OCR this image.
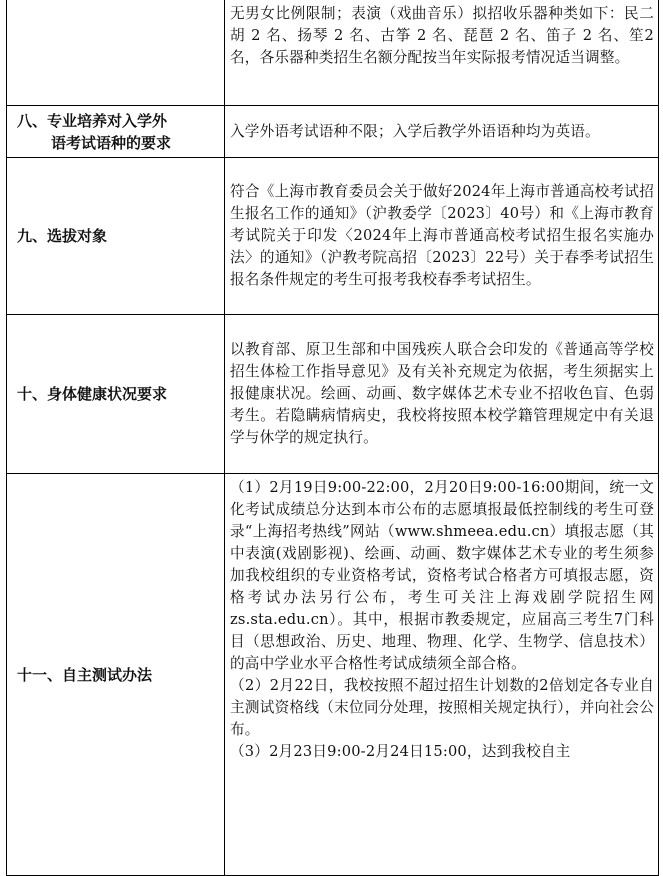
	无男女比例限制；表演（戏曲音乐）拟招收乐器种类如下：民二胡 2 名、扬琴 2 名、古筝 2 名、琵琶 2 名、笛子 2 名、笙2名，各乐器种类招生名额分配按当年实际报考情况适当调整。

八、专业培养对入学外
语考试语种的要求	入学外语考试语种不限；入学后教学外语语种均为英语。

九、选拔对象	符合《上海市教育委员会关于做好2024年上海市普通高校考试招生报名工作的通知》（沪教委学〔2023〕40号）和《上海市教育考试院关于印发〈2024年上海市普通高校考试招生报名实施办法〉的通知》（沪教考院高招〔2023〕22号）关于春季考试招生报名条件规定的考生可报考我校春季考试招生。

十、身体健康状况要求	以教育部、原卫生部和中国残疾人联合会印发的《普通高等学校招生体检工作指导意见》及有关补充规定为依据，考生须据实上报健康状况。绘画、动画、数字媒体艺术专业不招收色盲、色弱考生。若隐瞒病情病史，我校将按照本校学籍管理规定中有关退学与休学的规定执行。

十一、自主测试办法	（1）2月19日9:00-22:00，2月20日9:00-16:00期间，统一文化考试成绩总分达到本市公布的志愿填报最低控制线的考生可登录“上海招考热线”网站（www.shmeea.edu.cn）填报志愿（其中表演(戏剧影视)、绘画、动画、数字媒体艺术专业的考生须参加我校组织的专业资格考试，资格考试合格者方可填报志愿，资格考试办法另行公布，考生可关注上海戏剧学院招生网 zs.sta.edu.cn）。其中，根据市教委规定，应届高三考生7门科目（思想政治、历史、地理、物理、化学、生物学、信息技术）的高中学业水平合格性考试成绩须全部合格。

（2）2月22日，我校按照不超过招生计划数的2倍划定各专业自主测试资格线（末位同分处理，按照相关规定执行），并向社会公布。

（3）2月23日9:00-2月24日15:00，达到我校自主
